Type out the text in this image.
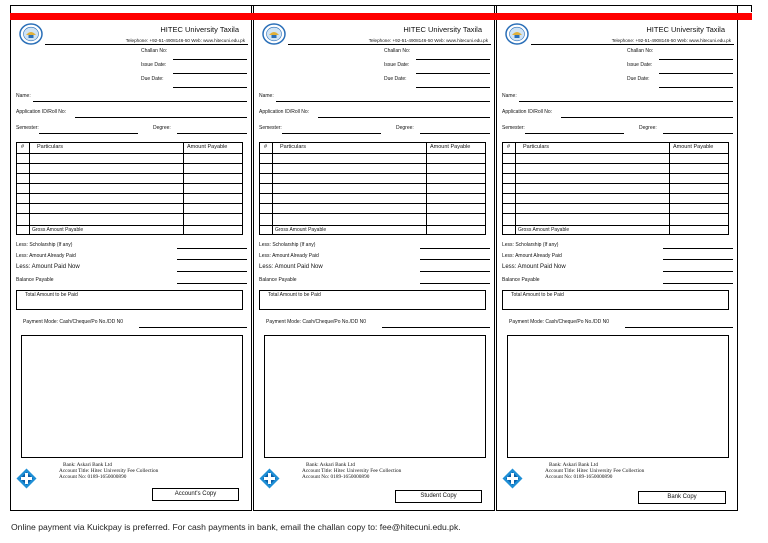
HITEC University Taxila
Telephone: +92-51-4908146-50 Web: www.hitecuni.edu.pk
Challan No:
Issue Date:
Due Date:
Name:
Application ID/Roll No:
Semester:	Degree:
# Particulars	Amount Payable
Gross Amount Payable
Less: Scholarship (If any)
Less: Amount Already Paid
Less: Amount Paid Now
Balance Payable
Total Amount to be Paid
Payment Mode: Cash/Cheque/Po No./DD N0
Bank: Askari Bank Ltd
Account Title: Hitec University Fee Collection
Account No: 0189-1650000890
Account's Copy
HITEC University Taxila
Telephone: +92-51-4908146-50 Web: www.hitecuni.edu.pk
Challan No:
Issue Date:
Due Date:
Name:
Application ID/Roll No:
Semester:	Degree:
# Particulars	Amount Payable
Gross Amount Payable
Less: Scholarship (If any)
Less: Amount Already Paid
Less: Amount Paid Now
Balance Payable
Total Amount to be Paid
Payment Mode: Cash/Cheque/Po No./DD N0
Bank: Askari Bank Ltd
Account Title: Hitec University Fee Collection
Account No: 0189-1650000890
Student Copy
HITEC University Taxila
Telephone: +92-51-4908146-50 Web: www.hitecuni.edu.pk
Challan No:
Issue Date:
Due Date:
Name:
Application ID/Roll No:
Semester:	Degree:
# Particulars	Amount Payable
Gross Amount Payable
Less: Scholarship (If any)
Less: Amount Already Paid
Less: Amount Paid Now
Balance Payable
Total Amount to be Paid
Payment Mode: Cash/Cheque/Po No./DD N0
Bank: Askari Bank Ltd
Account Title: Hitec University Fee Collection
Account No: 0189-1650000890
Bank Copy
Online payment via Kuickpay is preferred. For cash payments in bank, email the challan copy to: fee@hitecuni.edu.pk.
